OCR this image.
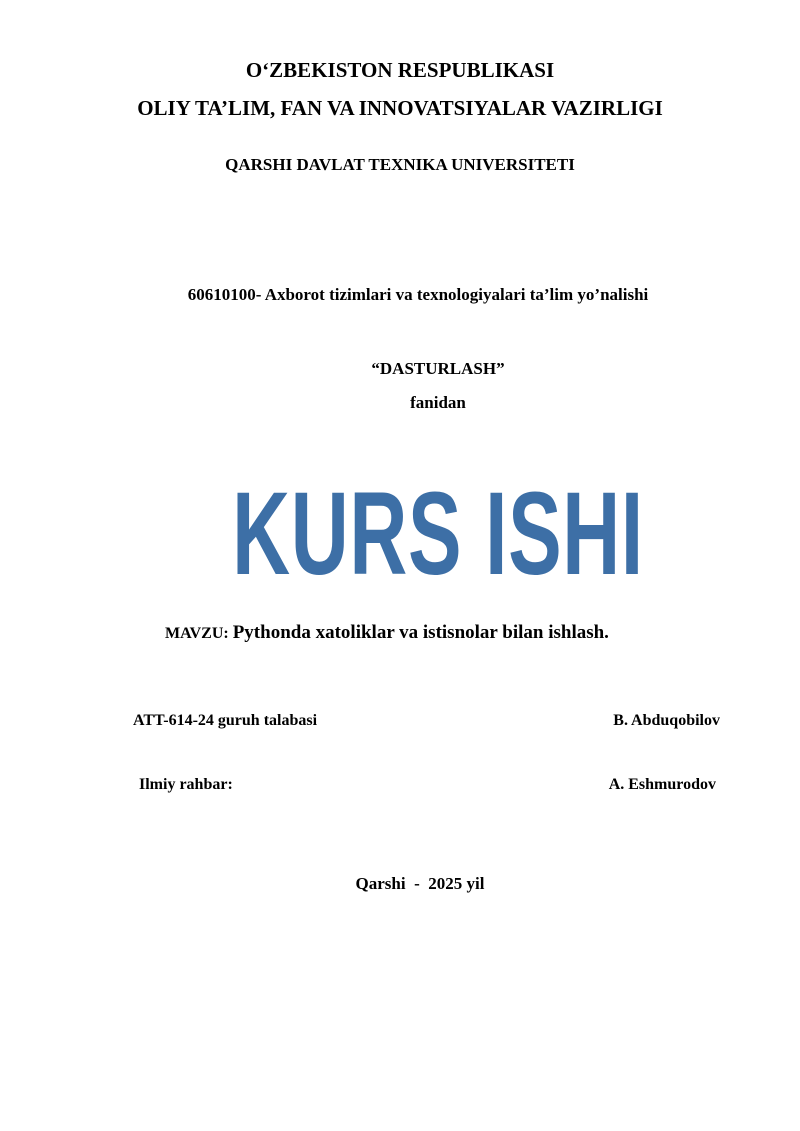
O‘ZBEKISTON RESPUBLIKASI
OLIY TA’LIM, FAN VA INNOVATSIYALAR VAZIRLIGI
QARSHI DAVLAT TEXNIKA UNIVERSITETI
60610100- Axborot tizimlari va texnologiyalari ta’lim yo’nalishi
“DASTURLASH”
fanidan
KURS ISHI
MAVZU: Pythonda xatoliklar va istisnolar bilan ishlash.
ATT-614-24 guruh talabasi	B. Abduqobilov
Ilmiy rahbar:	A. Eshmurodov
Qarshi  -  2025 yil
